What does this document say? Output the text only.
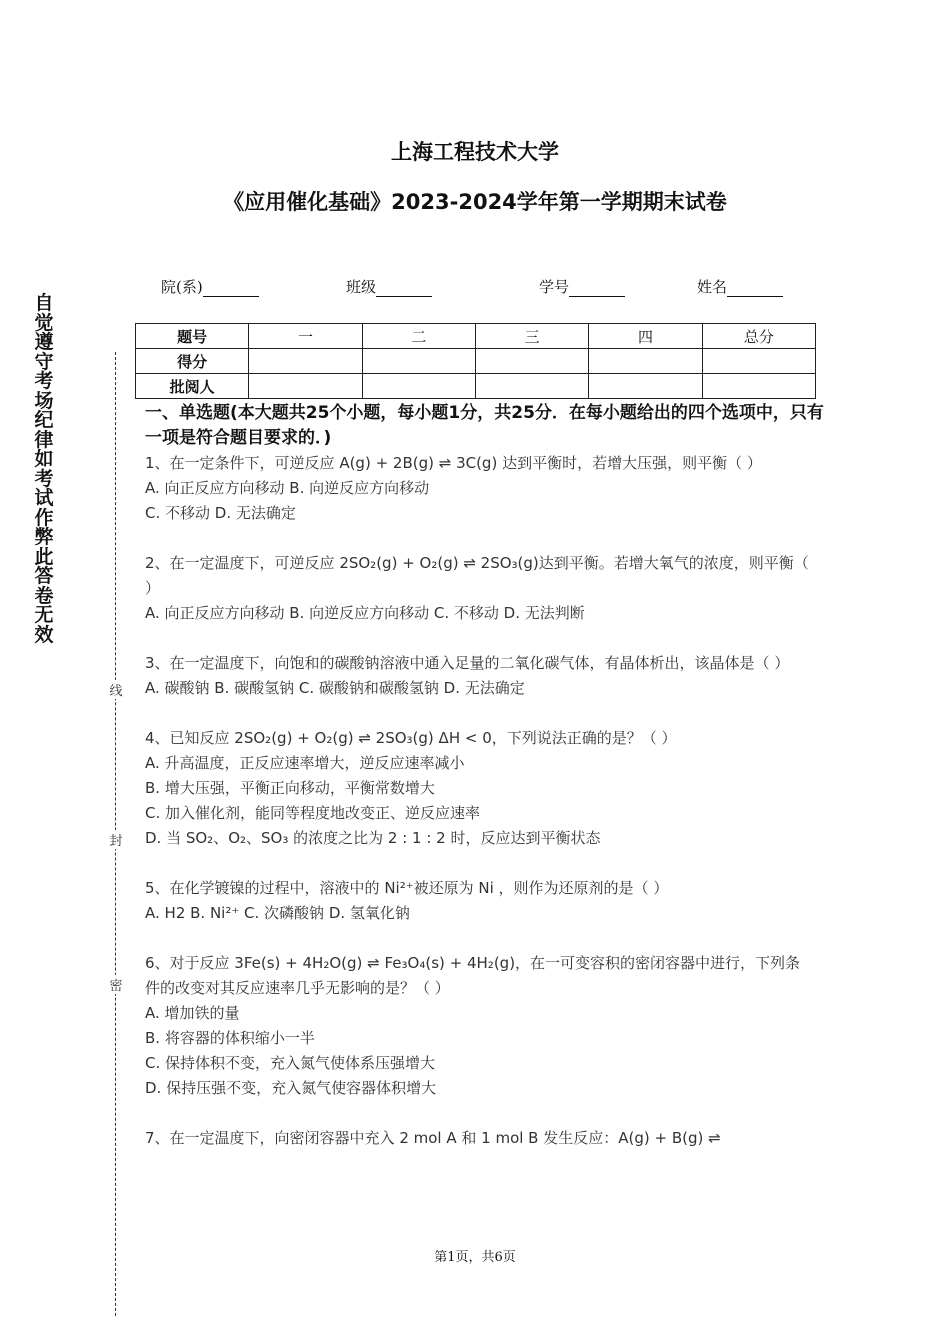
上海工程技术大学
《应用催化基础》2023-2024学年第一学期期末试卷
院(系)	班级	学号	姓名
自觉遵守考场纪律如考试作弊此答卷无效
线
封
密
题号	一	二	三	四	总分
得分					
批阅人					
一、单选题(本大题共25个小题，每小题1分，共25分．在每小题给出的四个选项中，只有一项是符合题目要求的．)
1、在一定条件下，可逆反应 A(g) + 2B(g) ⇌ 3C(g) 达到平衡时，若增大压强，则平衡（ ）
A. 向正反应方向移动 B. 向逆反应方向移动
C. 不移动 D. 无法确定
2、在一定温度下，可逆反应 2SO₂(g) + O₂(g) ⇌ 2SO₃(g)达到平衡。若增大氧气的浓度，则平衡（ ）
A. 向正反应方向移动 B. 向逆反应方向移动 C. 不移动 D. 无法判断
3、在一定温度下，向饱和的碳酸钠溶液中通入足量的二氧化碳气体，有晶体析出，该晶体是（ ）
A. 碳酸钠 B. 碳酸氢钠 C. 碳酸钠和碳酸氢钠 D. 无法确定
4、已知反应 2SO₂(g) + O₂(g) ⇌ 2SO₃(g) ΔH < 0，下列说法正确的是？（ ）
A. 升高温度，正反应速率增大，逆反应速率减小
B. 增大压强，平衡正向移动，平衡常数增大
C. 加入催化剂，能同等程度地改变正、逆反应速率
D. 当 SO₂、O₂、SO₃ 的浓度之比为 2 : 1 : 2 时，反应达到平衡状态
5、在化学镀镍的过程中，溶液中的 Ni²⁺被还原为 Ni ，则作为还原剂的是（ ）
A. H2 B. Ni²⁺ C. 次磷酸钠 D. 氢氧化钠
6、对于反应 3Fe(s) + 4H₂O(g) ⇌ Fe₃O₄(s) + 4H₂(g)，在一可变容积的密闭容器中进行，下列条件的改变对其反应速率几乎无影响的是？（ ）
A. 增加铁的量
B. 将容器的体积缩小一半
C. 保持体积不变，充入氮气使体系压强增大
D. 保持压强不变，充入氮气使容器体积增大
7、在一定温度下，向密闭容器中充入 2 mol A 和 1 mol B 发生反应：A(g) + B(g) ⇌
第1页，共6页
